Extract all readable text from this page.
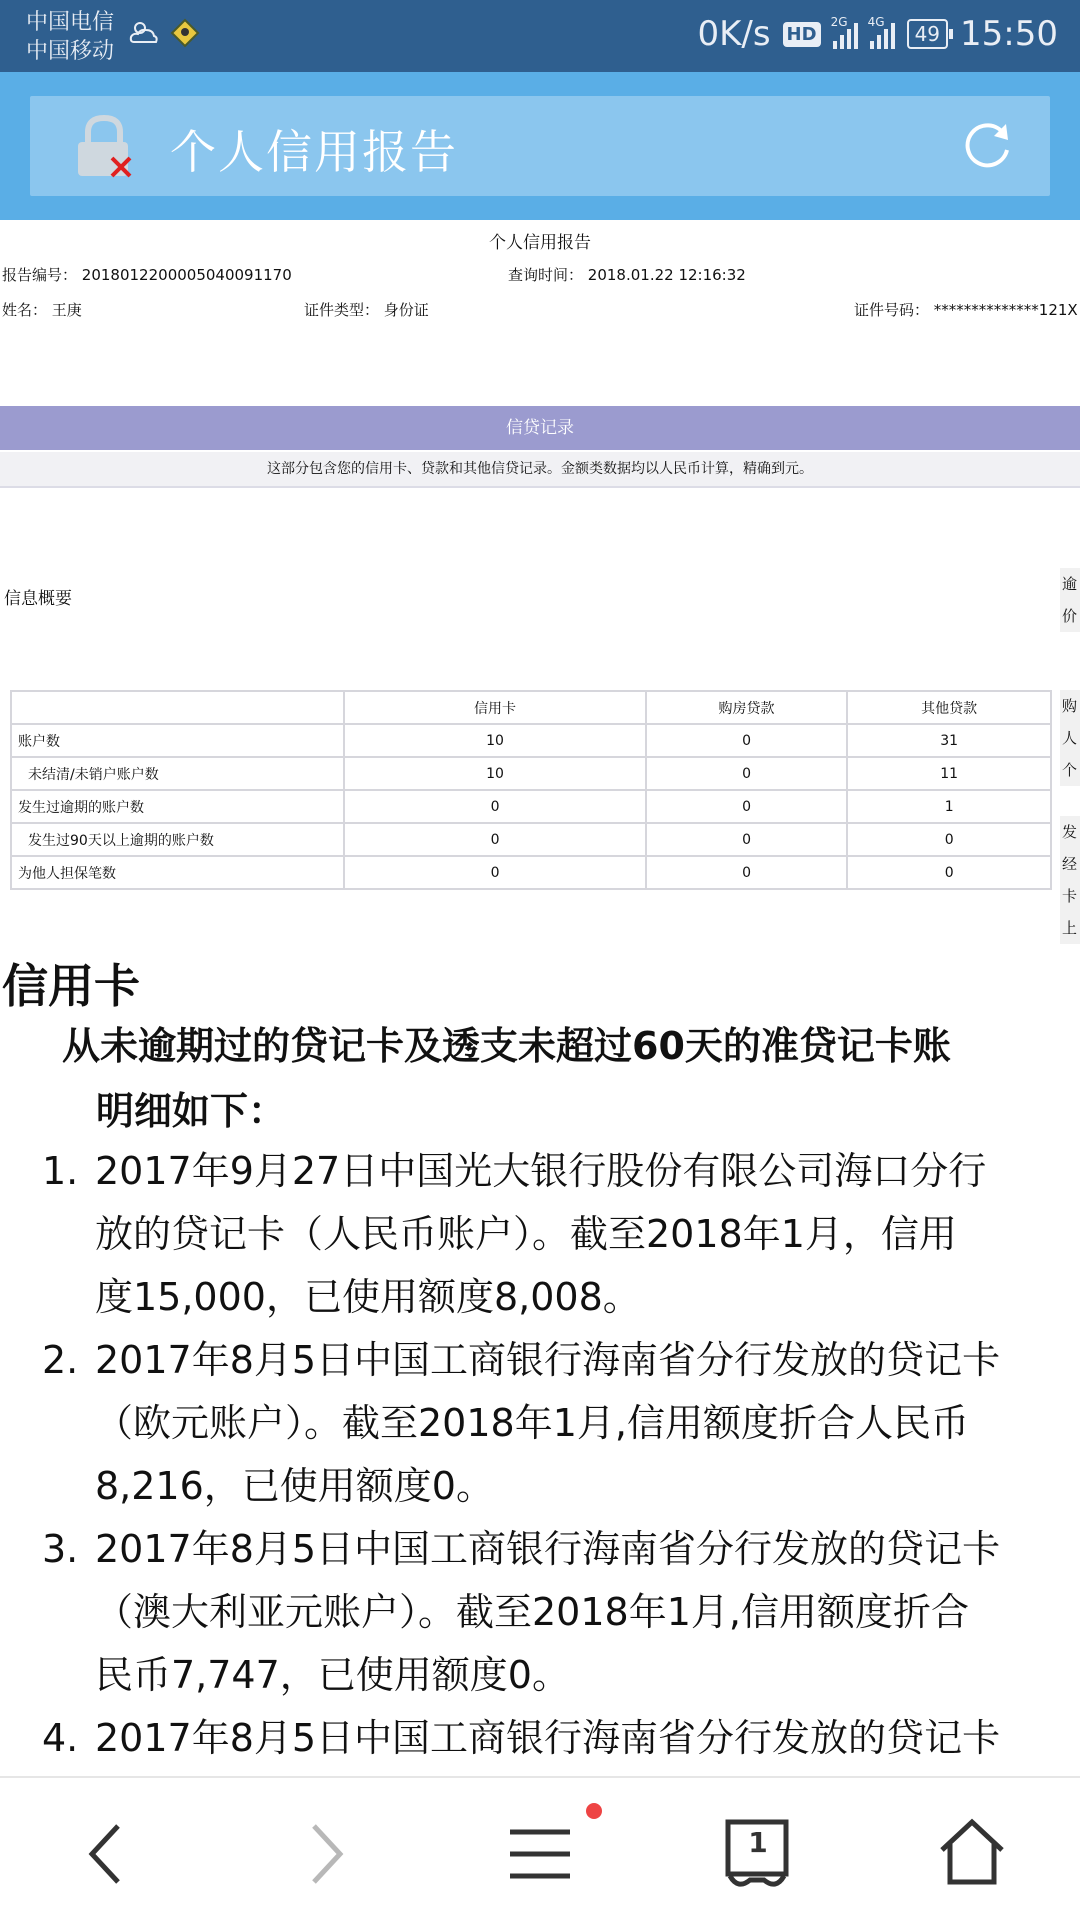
中国电信
中国移动	0K/s HD
2G 4G	49 15:50
个人信用报告
个人信用报告
报告编号： 2018012200005040091170	查询时间： 2018.01.22 12:16:32
姓名： 王庚	证件类型： 身份证	证件号码： **************121X
信贷记录
这部分包含您的信用卡、贷款和其他信贷记录。金额类数据均以人民币计算，精确到元。
信息概要
逾
价
购
人
个
发
经
卡
上
	信用卡	购房贷款	其他贷款
账户数	10	0	31
未结清/未销户账户数	10	0	11
发生过逾期的账户数	0	0	1
发生过90天以上逾期的账户数	0	0	0
为他人担保笔数	0	0	0
信用卡
从未逾期过的贷记卡及透支未超过60天的准贷记卡账
明细如下：
1. 2017年9月27日中国光大银行股份有限公司海口分行
放的贷记卡（人民币账户）。截至2018年1月，信用
度15,000，已使用额度8,008。
2. 2017年8月5日中国工商银行海南省分行发放的贷记卡
（欧元账户）。截至2018年1月,信用额度折合人民币
8,216，已使用额度0。
3. 2017年8月5日中国工商银行海南省分行发放的贷记卡
（澳大利亚元账户）。截至2018年1月,信用额度折合
民币7,747，已使用额度0。
4. 2017年8月5日中国工商银行海南省分行发放的贷记卡
1
